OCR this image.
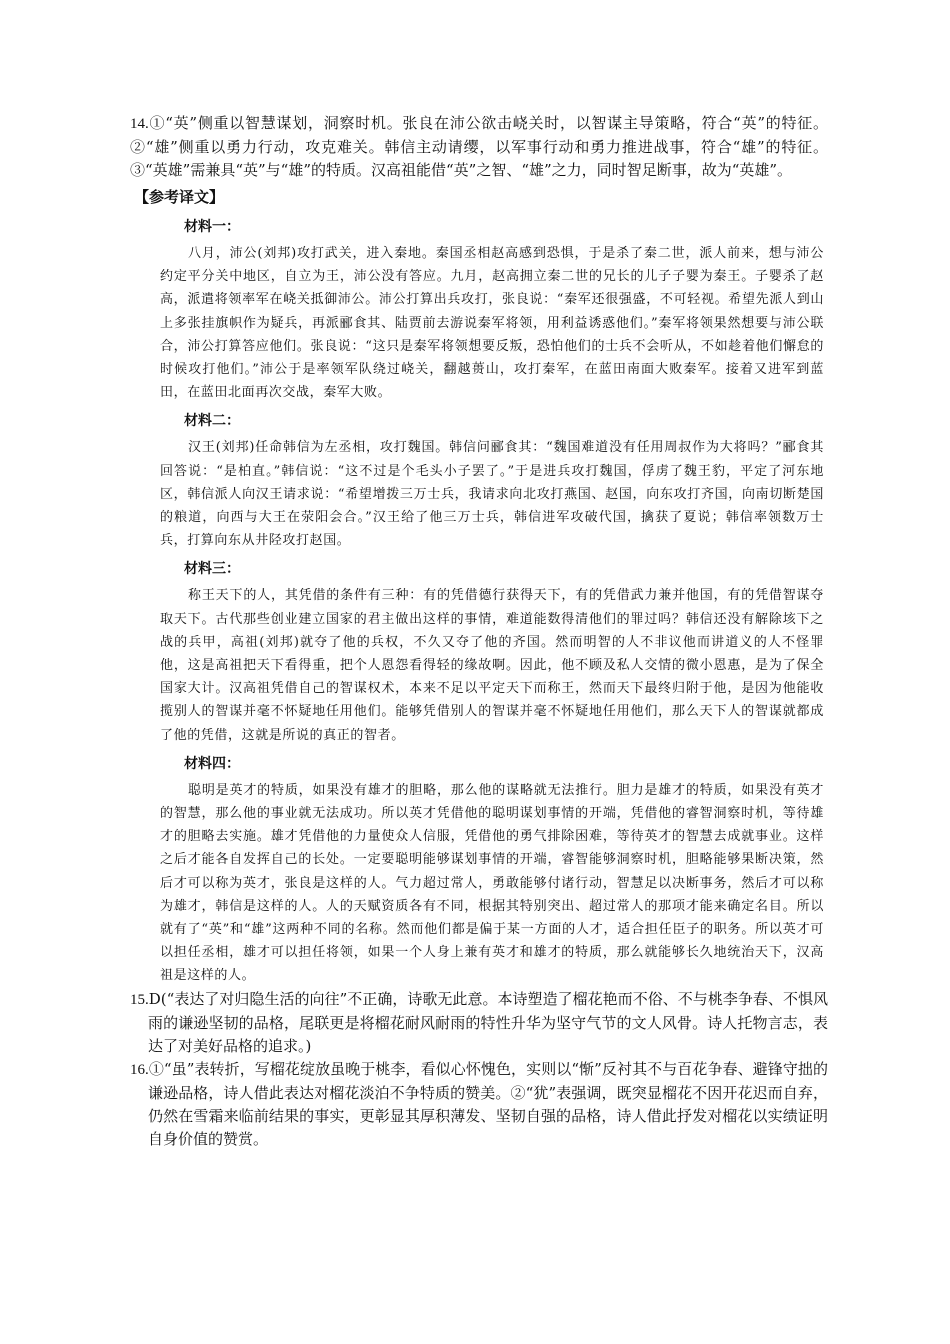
14.①“英”侧重以智慧谋划，洞察时机。张良在沛公欲击峣关时，以智谋主导策略，符合“英”的特征。②“雄”侧重以勇力行动，攻克难关。韩信主动请缨，以军事行动和勇力推进战事，符合“雄”的特征。③“英雄”需兼具“英”与“雄”的特质。汉高祖能借“英”之智、“雄”之力，同时智足断事，故为“英雄”。

【参考译文】
材料一：

八月，沛公(刘邦)攻打武关，进入秦地。秦国丞相赵高感到恐惧，于是杀了秦二世，派人前来，想与沛公约定平分关中地区，自立为王，沛公没有答应。九月，赵高拥立秦二世的兄长的儿子子婴为秦王。子婴杀了赵高，派遣将领率军在峣关抵御沛公。沛公打算出兵攻打，张良说：“秦军还很强盛，不可轻视。希望先派人到山上多张挂旗帜作为疑兵，再派郦食其、陆贾前去游说秦军将领，用利益诱惑他们。”秦军将领果然想要与沛公联合，沛公打算答应他们。张良说：“这只是秦军将领想要反叛，恐怕他们的士兵不会听从，不如趁着他们懈怠的时候攻打他们。”沛公于是率领军队绕过峣关，翻越蒉山，攻打秦军，在蓝田南面大败秦军。接着又进军到蓝田，在蓝田北面再次交战，秦军大败。

材料二：

汉王(刘邦)任命韩信为左丞相，攻打魏国。韩信问郦食其：“魏国难道没有任用周叔作为大将吗？”郦食其回答说：“是柏直。”韩信说：“这不过是个毛头小子罢了。”于是进兵攻打魏国，俘虏了魏王豹，平定了河东地区，韩信派人向汉王请求说：“希望增拨三万士兵，我请求向北攻打燕国、赵国，向东攻打齐国，向南切断楚国的粮道，向西与大王在荥阳会合。”汉王给了他三万士兵，韩信进军攻破代国，擒获了夏说；韩信率领数万士兵，打算向东从井陉攻打赵国。

材料三：

称王天下的人，其凭借的条件有三种：有的凭借德行获得天下，有的凭借武力兼并他国，有的凭借智谋夺取天下。古代那些创业建立国家的君主做出这样的事情，难道能数得清他们的罪过吗？韩信还没有解除垓下之战的兵甲，高祖(刘邦)就夺了他的兵权，不久又夺了他的齐国。然而明智的人不非议他而讲道义的人不怪罪他，这是高祖把天下看得重，把个人恩怨看得轻的缘故啊。因此，他不顾及私人交情的微小恩惠，是为了保全国家大计。汉高祖凭借自己的智谋权术，本来不足以平定天下而称王，然而天下最终归附于他，是因为他能收揽别人的智谋并毫不怀疑地任用他们。能够凭借别人的智谋并毫不怀疑地任用他们，那么天下人的智谋就都成了他的凭借，这就是所说的真正的智者。

材料四：

聪明是英才的特质，如果没有雄才的胆略，那么他的谋略就无法推行。胆力是雄才的特质，如果没有英才的智慧，那么他的事业就无法成功。所以英才凭借他的聪明谋划事情的开端，凭借他的睿智洞察时机，等待雄才的胆略去实施。雄才凭借他的力量使众人信服，凭借他的勇气排除困难，等待英才的智慧去成就事业。这样之后才能各自发挥自己的长处。一定要聪明能够谋划事情的开端，睿智能够洞察时机，胆略能够果断决策，然后才可以称为英才，张良是这样的人。气力超过常人，勇敢能够付诸行动，智慧足以决断事务，然后才可以称为雄才，韩信是这样的人。人的天赋资质各有不同，根据其特别突出、超过常人的那项才能来确定名目。所以就有了“英”和“雄”这两种不同的名称。然而他们都是偏于某一方面的人才，适合担任臣子的职务。所以英才可以担任丞相，雄才可以担任将领，如果一个人身上兼有英才和雄才的特质，那么就能够长久地统治天下，汉高祖是这样的人。

15.D(“表达了对归隐生活的向往”不正确，诗歌无此意。本诗塑造了榴花艳而不俗、不与桃李争春、不惧风雨的谦逊坚韧的品格，尾联更是将榴花耐风耐雨的特性升华为坚守气节的文人风骨。诗人托物言志，表达了对美好品格的追求。)

16.①“虽”表转折，写榴花绽放虽晚于桃李，看似心怀愧色，实则以“惭”反衬其不与百花争春、避锋守拙的谦逊品格，诗人借此表达对榴花淡泊不争特质的赞美。②“犹”表强调，既突显榴花不因开花迟而自弃，仍然在雪霜来临前结果的事实，更彰显其厚积薄发、坚韧自强的品格，诗人借此抒发对榴花以实绩证明自身价值的赞赏。
